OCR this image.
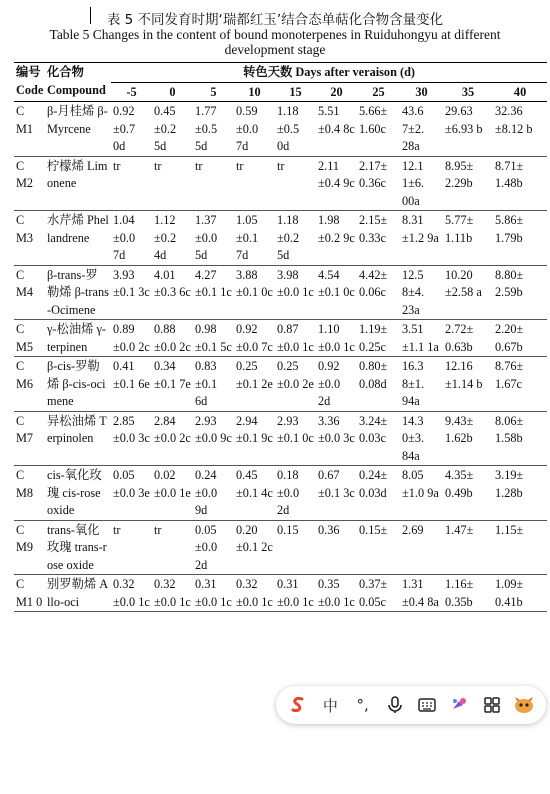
表 5 不同发育时期‘瑞都红玉’结合态单萜化合物含量变化
Table 5 Changes in the content of bound monoterpenes in Ruiduhongyu at different development stage
编号 Code	化合物 Compound	转色天数 Days after veraison (d)									
		-5	0	5	10	15	20	25	30	35	40
C M1	β-月桂烯 β-Myrcene	0.92 ±0.7 0d	0.45 ±0.2 5d	1.77 ±0.5 5d	0.59 ±0.0 7d	1.18 ±0.5 0d	5.51 ±0.4 8c	5.66± 1.60c	43.6 7±2. 28a	29.63 ±6.93 b	32.36 ±8.12 b
C M2	柠檬烯 Limonene	tr	tr	tr	tr	tr	2.11 ±0.4 9c	2.17± 0.36c	12.1 1±6. 00a	8.95± 2.29b	8.71± 1.48b
C M3	水芹烯 Phellandrene	1.04 ±0.0 7d	1.12 ±0.2 4d	1.37 ±0.0 5d	1.05 ±0.1 7d	1.18 ±0.2 5d	1.98 ±0.2 9c	2.15± 0.33c	8.31 ±1.2 9a	5.77± 1.11b	5.86± 1.79b
C M4	β-trans-罗勒烯 β-trans-Ocimene	3.93 ±0.1 3c	4.01 ±0.3 6c	4.27 ±0.1 1c	3.88 ±0.1 0c	3.98 ±0.0 1c	4.54 ±0.1 0c	4.42± 0.06c	12.5 8±4. 23a	10.20 ±2.58 a	8.80± 2.59b
C M5	γ-松油烯 γ-terpinen	0.89 ±0.0 2c	0.88 ±0.0 2c	0.98 ±0.1 5c	0.92 ±0.0 7c	0.87 ±0.0 1c	1.10 ±0.0 1c	1.19± 0.25c	3.51 ±1.1 1a	2.72± 0.63b	2.20± 0.67b
C M6	β-cis-罗勒烯 β-cis-ocimene	0.41 ±0.1 6e	0.34 ±0.1 7e	0.83 ±0.1 6d	0.25 ±0.1 2e	0.25 ±0.0 2e	0.92 ±0.0 2d	0.80± 0.08d	16.3 8±1. 94a	12.16 ±1.14 b	8.76± 1.67c
C M7	异松油烯 Terpinolen	2.85 ±0.0 3c	2.84 ±0.0 2c	2.93 ±0.0 9c	2.94 ±0.1 9c	2.93 ±0.1 0c	3.36 ±0.0 3c	3.24± 0.03c	14.3 0±3. 84a	9.43± 1.62b	8.06± 1.58b
C M8	cis-氧化玫瑰 cis-rose oxide	0.05 ±0.0 3e	0.02 ±0.0 1e	0.24 ±0.0 9d	0.45 ±0.1 4c	0.18 ±0.0 2d	0.67 ±0.1 3c	0.24± 0.03d	8.05 ±1.0 9a	4.35± 0.49b	3.19± 1.28b
C M9	trans-氧化玫瑰 trans-rose oxide	tr	tr	0.05 ±0.0 2d	0.20 ±0.1 2c	0.15	0.36	0.15±	2.69	1.47±	1.15±
C M1 0	别罗勒烯 Allo-oci	0.32 ±0.0 1c	0.32 ±0.0 1c	0.31 ±0.0 1c	0.32 ±0.0 1c	0.31 ±0.0 1c	0.35 ±0.0 1c	0.37± 0.05c	1.31 ±0.4 8a	1.16± 0.35b	1.09± 0.41b
中	°,
